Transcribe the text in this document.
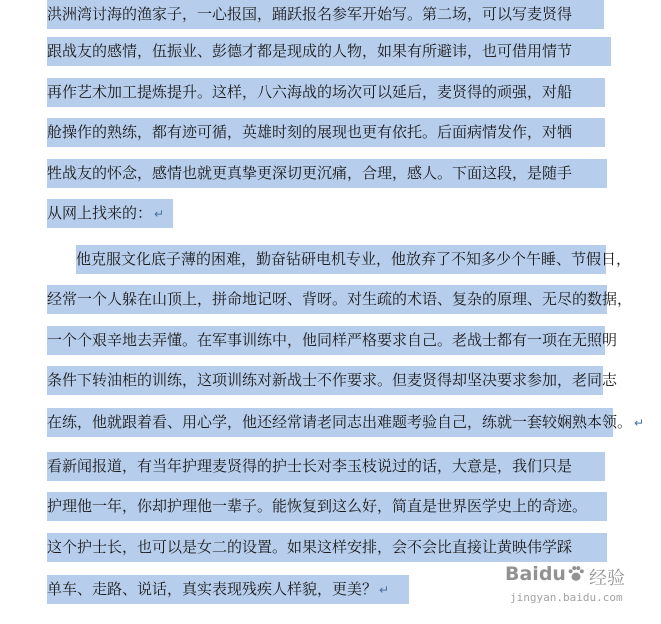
洪洲湾讨海的渔家子，一心报国，踊跃报名参军开始写。第二场，可以写麦贤得
跟战友的感情，伍振业、彭德才都是现成的人物，如果有所避讳，也可借用情节
再作艺术加工提炼提升。这样，八六海战的场次可以延后，麦贤得的顽强，对船
舱操作的熟练，都有迹可循，英雄时刻的展现也更有依托。后面病情发作，对牺
牲战友的怀念，感情也就更真挚更深切更沉痛，合理，感人。下面这段，是随手
从网上找来的： ↵
他克服文化底子薄的困难，勤奋钻研电机专业，他放弃了不知多少个午睡、节假日，
经常一个人躲在山顶上，拼命地记呀、背呀。对生疏的术语、复杂的原理、无尽的数据，
一个个艰辛地去弄懂。在军事训练中，他同样严格要求自己。老战士都有一项在无照明
条件下转油柜的训练，这项训练对新战士不作要求。但麦贤得却坚决要求参加，老同志
在练，他就跟着看、用心学，他还经常请老同志出难题考验自己，练就一套较娴熟本领。 ↵
看新闻报道，有当年护理麦贤得的护士长对李玉枝说过的话，大意是，我们只是
护理他一年，你却护理他一辈子。能恢复到这么好，简直是世界医学史上的奇迹。
这个护士长，也可以是女二的设置。如果这样安排，会不会比直接让黄映伟学踩
单车、走路、说话，真实表现残疾人样貌，更美？ ↵
Baidu 经验
jingyan.baidu.com
